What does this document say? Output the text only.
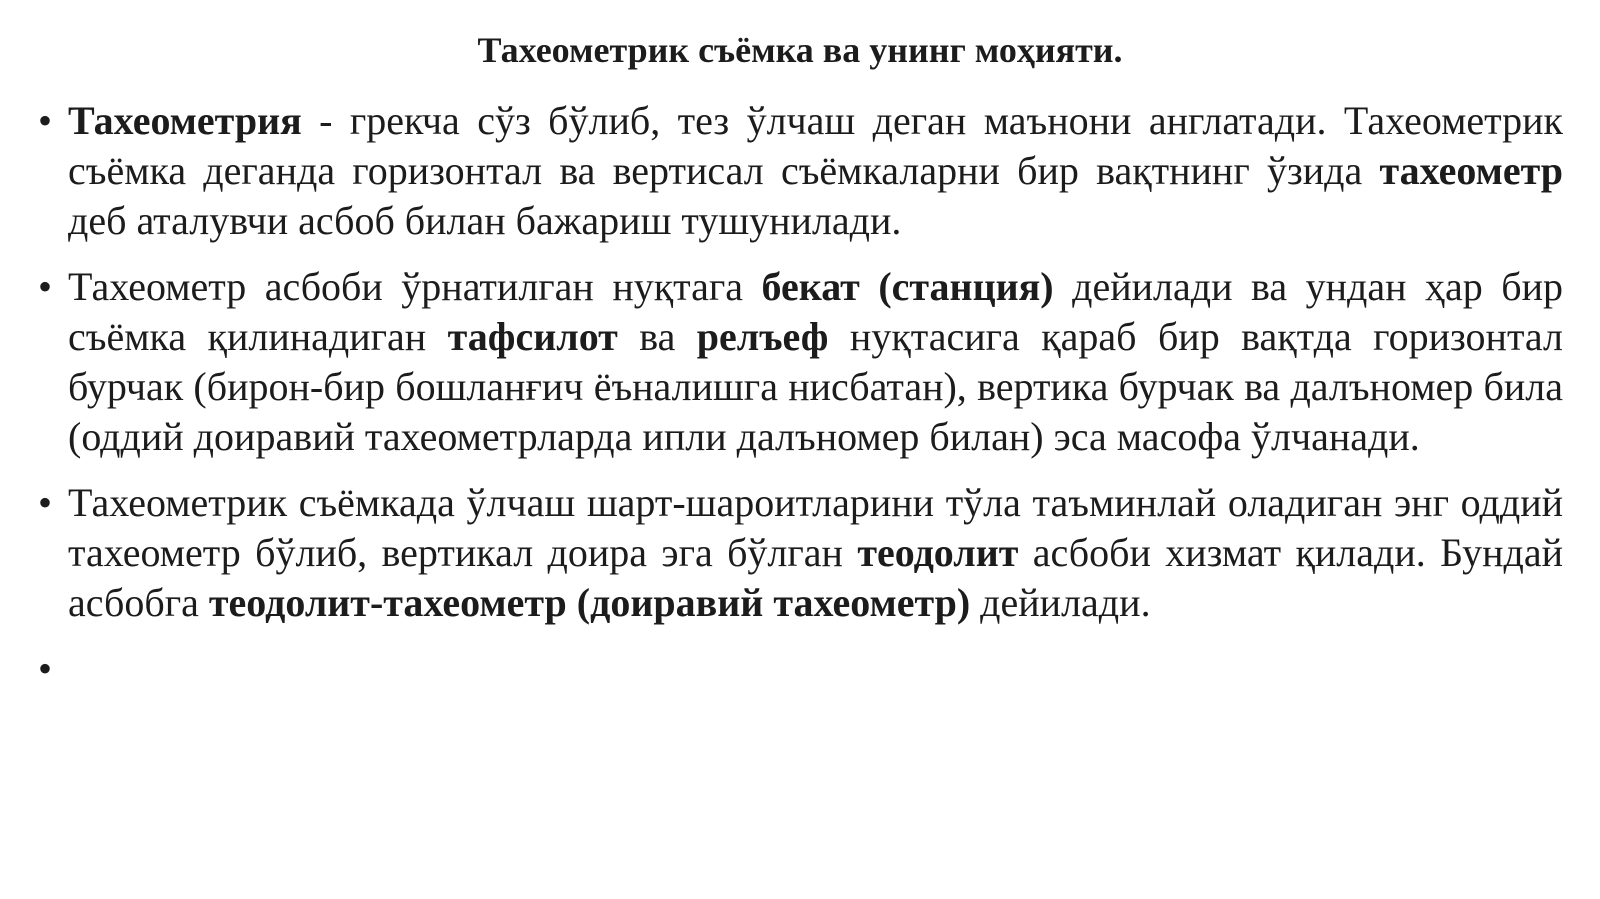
Тахеометрик съёмка ва унинг моҳияти.
• Тахеометрия - грекча сўз бўлиб, тез ўлчаш деган маънони англатади. Тахеометрик съёмка деганда горизонтал ва вертисал съёмкаларни бир вақтнинг ўзида тахеометр деб аталувчи асбоб билан бажариш тушунилади.
• Тахеометр асбоби ўрнатилган нуқтага бекат (станция) дейилади ва ундан ҳар бир съёмка қилинадиган тафсилот ва релъеф нуқтасига қараб бир вақтда горизонтал бурчак (бирон-бир бошланғич ёъналишга нисбатан), вертика бурчак ва далъномер била (оддий доиравий тахеометрларда ипли далъномер билан) эса масофа ўлчанади.
• Тахеометрик съёмкада ўлчаш шарт-шароитларини тўла таъминлай оладиган энг оддий тахеометр бўлиб, вертикал доира эга бўлган теодолит асбоби хизмат қилади. Бундай асбобга теодолит-тахеометр (доиравий тахеометр) дейилади.
•
